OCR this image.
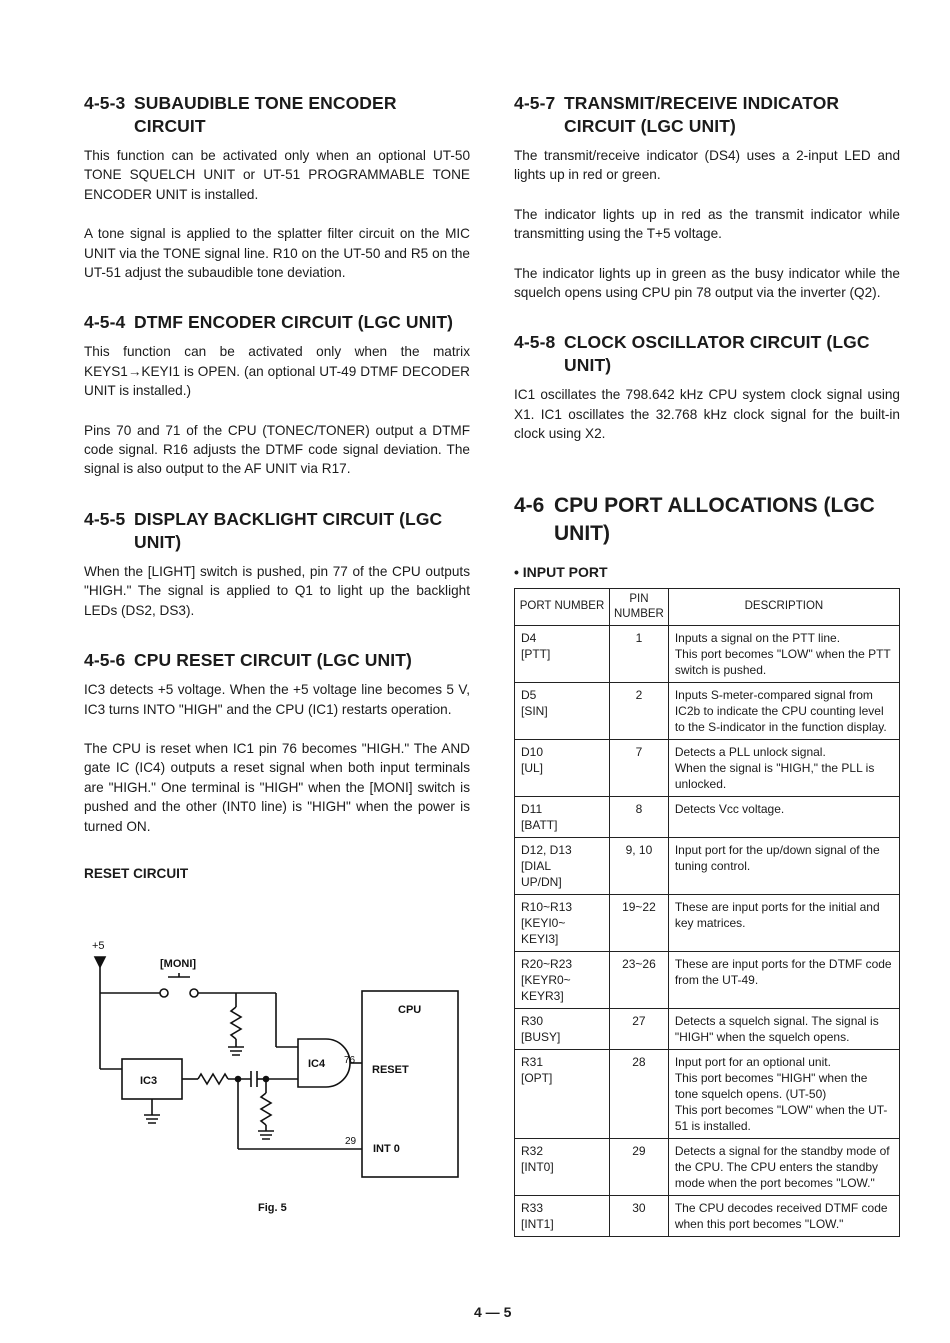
4-5-3 SUBAUDIBLE TONE ENCODER CIRCUIT

This function can be activated only when an optional UT-50 TONE SQUELCH UNIT or UT-51 PROGRAMMABLE TONE ENCODER UNIT is installed.

A tone signal is applied to the splatter filter circuit on the MIC UNIT via the TONE signal line. R10 on the UT-50 and R5 on the UT-51 adjust the subaudible tone deviation.

4-5-4 DTMF ENCODER CIRCUIT (LGC UNIT)

This function can be activated only when the matrix KEYS1→KEYI1 is OPEN. (an optional UT-49 DTMF DECODER UNIT is installed.)

Pins 70 and 71 of the CPU (TONEC/TONER) output a DTMF code signal. R16 adjusts the DTMF code signal deviation. The signal is also output to the AF UNIT via R17.

4-5-5 DISPLAY BACKLIGHT CIRCUIT (LGC UNIT)

When the [LIGHT] switch is pushed, pin 77 of the CPU outputs "HIGH." The signal is applied to Q1 to light up the backlight LEDs (DS2, DS3).

4-5-6 CPU RESET CIRCUIT (LGC UNIT)

IC3 detects +5 voltage. When the +5 voltage line becomes 5 V, IC3 turns INTO "HIGH" and the CPU (IC1) restarts operation.

The CPU is reset when IC1 pin 76 becomes "HIGH." The AND gate IC (IC4) outputs a reset signal when both input terminals are "HIGH." One terminal is "HIGH" when the [MONI] switch is pushed and the other (INT0 line) is "HIGH" when the power is turned ON.

RESET CIRCUIT
+5
[MONI]
IC3
IC4
CPU
RESET
INT 0
76
29
Fig. 5
4-5-7 TRANSMIT/RECEIVE INDICATOR CIRCUIT (LGC UNIT)

The transmit/receive indicator (DS4) uses a 2-input LED and lights up in red or green.

The indicator lights up in red as the transmit indicator while transmitting using the T+5 voltage.

The indicator lights up in green as the busy indicator while the squelch opens using CPU pin 78 output via the inverter (Q2).

4-5-8 CLOCK OSCILLATOR CIRCUIT (LGC UNIT)

IC1 oscillates the 798.642 kHz CPU system clock signal using X1. IC1 oscillates the 32.768 kHz clock signal for the built-in clock using X2.

4-6 CPU PORT ALLOCATIONS (LGC UNIT)
• INPUT PORT
PORT NUMBER	PIN NUMBER	DESCRIPTION
D4
[PTT]	1	Inputs a signal on the PTT line.
This port becomes "LOW" when the PTT switch is pushed.
D5
[SIN]	2	Inputs S-meter-compared signal from IC2b to indicate the CPU counting level to the S-indicator in the function display.
D10
[UL]	7	Detects a PLL unlock signal.
When the signal is "HIGH," the PLL is unlocked.
D11
[BATT]	8	Detects Vcc voltage.
D12, D13
[DIAL
UP/DN]	9, 10	Input port for the up/down signal of the tuning control.
R10~R13
[KEYI0~
KEYI3]	19~22	These are input ports for the initial and key matrices.
R20~R23
[KEYR0~
KEYR3]	23~26	These are input ports for the DTMF code from the UT-49.
R30
[BUSY]	27	Detects a squelch signal. The signal is "HIGH" when the squelch opens.
R31
[OPT]	28	Input port for an optional unit.
This port becomes "HIGH" when the tone squelch opens. (UT-50)
This port becomes "LOW" when the UT-51 is installed.
R32
[INT0]	29	Detects a signal for the standby mode of the CPU. The CPU enters the standby mode when the port becomes "LOW."
R33
[INT1]	30	The CPU decodes received DTMF code when this port becomes "LOW."
4 — 5
